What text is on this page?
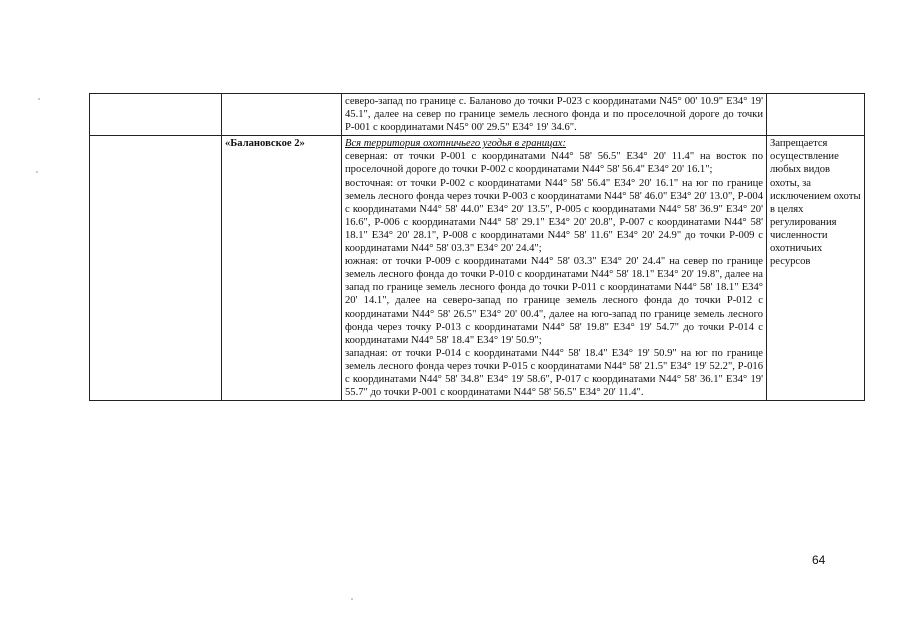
		северо-запад по границе с. Баланово до точки Р-023 с координатами N45° 00' 10.9" E34° 19' 45.1", далее на север по границе земель лесного фонда и по проселочной дороге до точки Р-001 с координатами N45° 00' 29.5" E34° 19' 34.6".	

	«Балановское 2»	Вся территория охотничьего угодья в границах:
северная: от точки Р-001 с координатами N44° 58' 56.5" E34° 20' 11.4" на восток по проселочной дороге до точки Р-002 с координатами N44° 58' 56.4" E34° 20' 16.1";
восточная: от точки Р-002 с координатами N44° 58' 56.4" E34° 20' 16.1" на юг по границе земель лесного фонда через точки Р-003 с координатами N44° 58' 46.0" E34° 20' 13.0", Р-004 с координатами N44° 58' 44.0" E34° 20' 13.5", Р-005 с координатами N44° 58' 36.9" E34° 20' 16.6", Р-006 с координатами N44° 58' 29.1" E34° 20' 20.8", Р-007 с координатами N44° 58' 18.1" E34° 20' 28.1", Р-008 с координатами N44° 58' 11.6" E34° 20' 24.9" до точки Р-009 с координатами N44° 58' 03.3" E34° 20' 24.4";
южная: от точки Р-009 с координатами N44° 58' 03.3" E34° 20' 24.4" на север по границе земель лесного фонда до точки Р-010 с координатами N44° 58' 18.1" E34° 20' 19.8", далее на запад по границе земель лесного фонда до точки Р-011 с координатами N44° 58' 18.1" E34° 20' 14.1", далее на северо-запад по границе земель лесного фонда до точки Р-012 с координатами N44° 58' 26.5" E34° 20' 00.4", далее на юго-запад по границе земель лесного фонда через точку Р-013 с координатами N44° 58' 19.8" E34° 19' 54.7" до точки Р-014 с координатами N44° 58' 18.4" E34° 19' 50.9";
западная: от точки Р-014 с координатами N44° 58' 18.4" E34° 19' 50.9" на юг по границе земель лесного фонда через точки Р-015 с координатами N44° 58' 21.5" E34° 19' 52.2", Р-016 с координатами N44° 58' 34.8" E34° 19' 58.6", Р-017 с координатами N44° 58' 36.1" E34° 19' 55.7" до точки Р-001 с координатами N44° 58' 56.5" E34° 20' 11.4".	Запрещается осуществление любых видов охоты, за исключением охоты в целях регулирования численности охотничьих ресурсов
64
